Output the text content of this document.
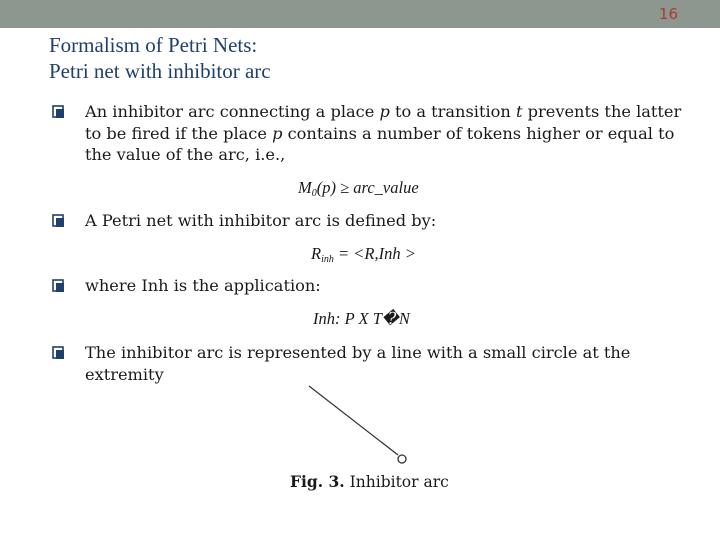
16
Formalism of Petri Nets:
Petri net with inhibitor arc
An inhibitor arc connecting a place p to a transition t prevents the latter to be fired if the place p contains a number of tokens higher or equal to the value of the arc, i.e.,
$M_0(p)$ ≥ arc_value
A Petri net with inhibitor arc is defined by:
$R_{inh} = <R,Inh$ >
where Inh is the application:
Inh: P X T�N
The inhibitor arc is represented by a line with a small circle at the extremity
Fig. 3. Inhibitor arc
